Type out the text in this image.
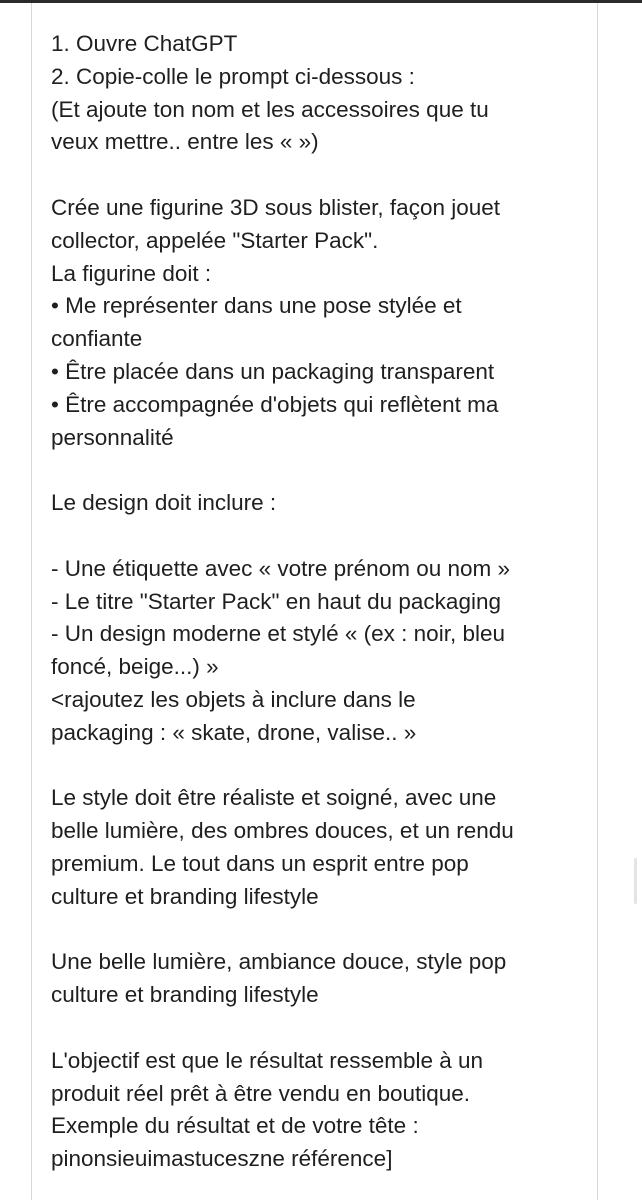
1. Ouvre ChatGPT
2. Copie-colle le prompt ci-dessous :
(Et ajoute ton nom et les accessoires que tu
veux mettre.. entre les « »)
Crée une figurine 3D sous blister, façon jouet
collector, appelée "Starter Pack".
La figurine doit :
• Me représenter dans une pose stylée et
confiante
• Être placée dans un packaging transparent
• Être accompagnée d'objets qui reflètent ma
personnalité
Le design doit inclure :
- Une étiquette avec « votre prénom ou nom »
- Le titre "Starter Pack" en haut du packaging
- Un design moderne et stylé « (ex : noir, bleu
foncé, beige...) »
<rajoutez les objets à inclure dans le
packaging : « skate, drone, valise.. »
Le style doit être réaliste et soigné, avec une
belle lumière, des ombres douces, et un rendu
premium. Le tout dans un esprit entre pop
culture et branding lifestyle
Une belle lumière, ambiance douce, style pop
culture et branding lifestyle
L'objectif est que le résultat ressemble à un
produit réel prêt à être vendu en boutique.
Exemple du résultat et de votre tête :
pinonsieuimastuceszne référence]
